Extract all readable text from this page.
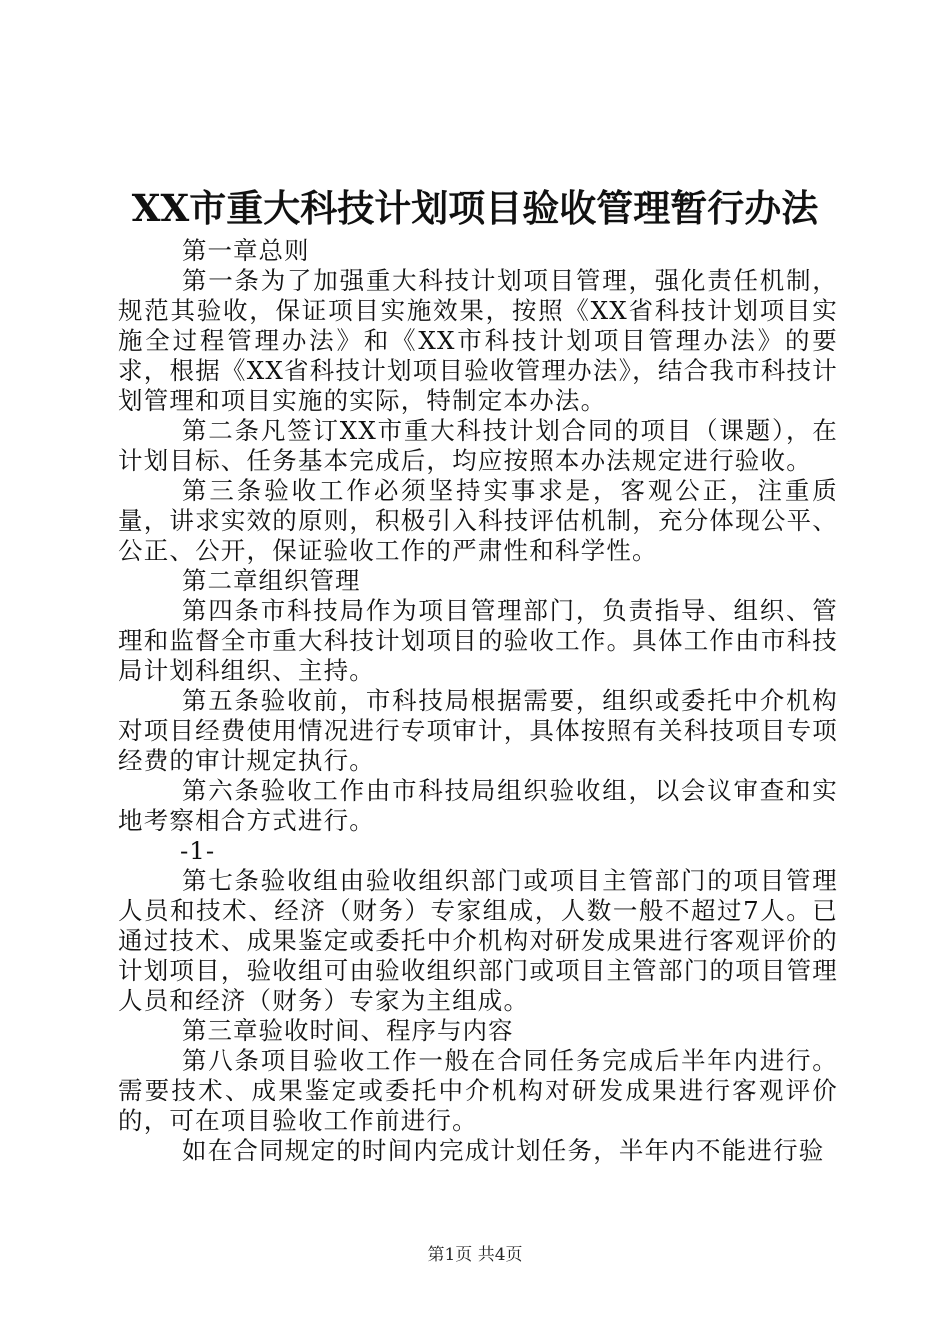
XX市重大科技计划项目验收管理暂行办法

第一章总则

第一条为了加强重大科技计划项目管理，强化责任机制，规范其验收，保证项目实施效果，按照《XX省科技计划项目实施全过程管理办法》和《XX市科技计划项目管理办法》的要求，根据《XX省科技计划项目验收管理办法》，结合我市科技计划管理和项目实施的实际，特制定本办法。

第二条凡签订XX市重大科技计划合同的项目（课题），在计划目标、任务基本完成后，均应按照本办法规定进行验收。

第三条验收工作必须坚持实事求是，客观公正，注重质量，讲求实效的原则，积极引入科技评估机制，充分体现公平、公正、公开，保证验收工作的严肃性和科学性。

第二章组织管理

第四条市科技局作为项目管理部门，负责指导、组织、管理和监督全市重大科技计划项目的验收工作。具体工作由市科技局计划科组织、主持。

第五条验收前，市科技局根据需要，组织或委托中介机构对项目经费使用情况进行专项审计，具体按照有关科技项目专项经费的审计规定执行。

第六条验收工作由市科技局组织验收组，以会议审查和实地考察相合方式进行。

-1-

第七条验收组由验收组织部门或项目主管部门的项目管理人员和技术、经济（财务）专家组成，人数一般不超过7人。已通过技术、成果鉴定或委托中介机构对研发成果进行客观评价的计划项目，验收组可由验收组织部门或项目主管部门的项目管理人员和经济（财务）专家为主组成。

第三章验收时间、程序与内容

第八条项目验收工作一般在合同任务完成后半年内进行。需要技术、成果鉴定或委托中介机构对研发成果进行客观评价的，可在项目验收工作前进行。

如在合同规定的时间内完成计划任务，半年内不能进行验

第1页 共4页
